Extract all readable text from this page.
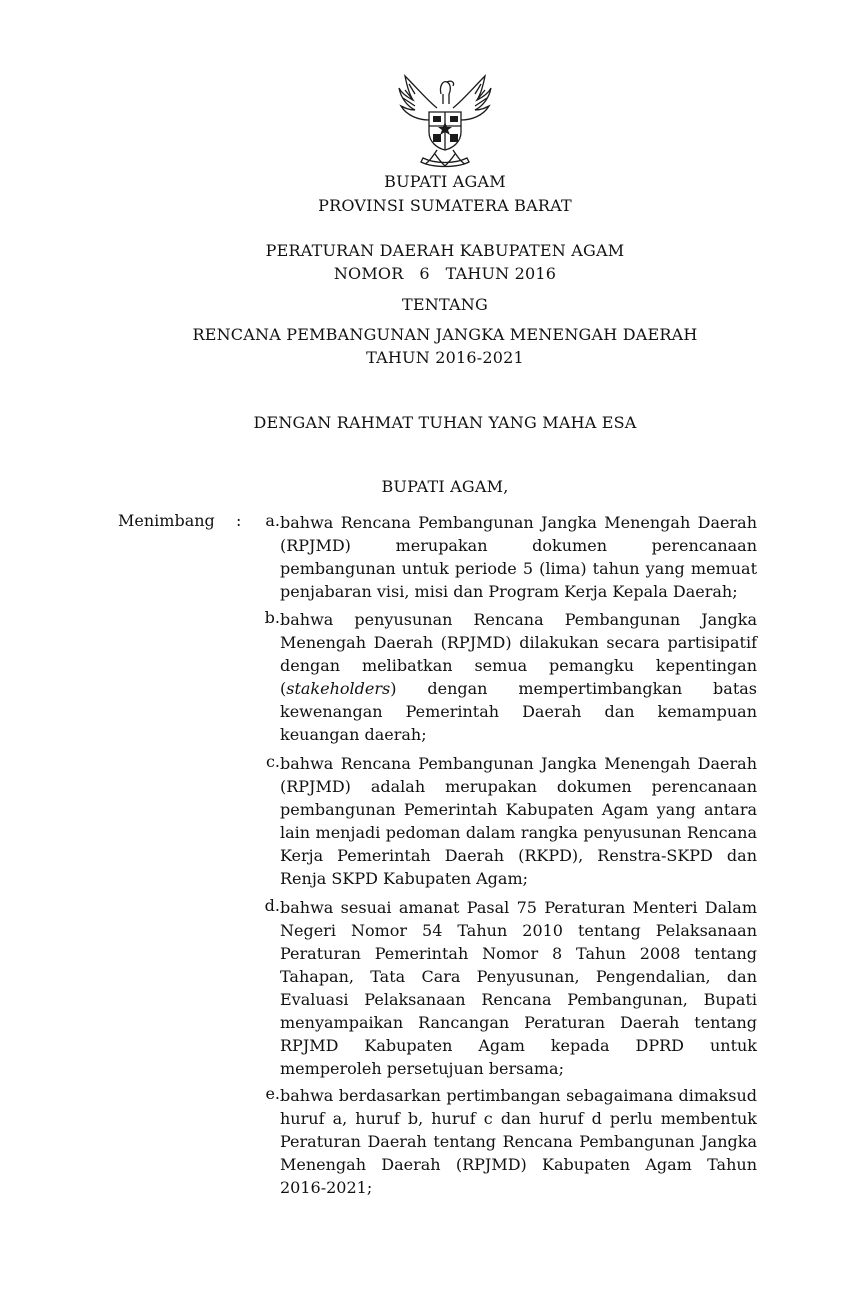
BUPATI AGAM
PROVINSI SUMATERA BARAT
PERATURAN DAERAH KABUPATEN AGAM
NOMOR   6   TAHUN 2016
TENTANG
RENCANA PEMBANGUNAN JANGKA MENENGAH DAERAH
TAHUN 2016-2021
DENGAN RAHMAT TUHAN YANG MAHA ESA
BUPATI AGAM,
Menimbang :	a. bahwa Rencana Pembangunan Jangka Menengah Daerah (RPJMD) merupakan dokumen perencanaan pembangunan untuk periode 5 (lima) tahun yang memuat penjabaran visi, misi dan Program Kerja Kepala Daerah;
b. bahwa penyusunan Rencana Pembangunan Jangka Menengah Daerah (RPJMD) dilakukan secara partisipatif dengan melibatkan semua pemangku kepentingan (stakeholders) dengan mempertimbangkan batas kewenangan Pemerintah Daerah dan kemampuan keuangan daerah;
c. bahwa Rencana Pembangunan Jangka Menengah Daerah (RPJMD) adalah merupakan dokumen perencanaan pembangunan Pemerintah Kabupaten Agam yang antara lain menjadi pedoman dalam rangka penyusunan Rencana Kerja Pemerintah Daerah (RKPD), Renstra-SKPD dan Renja SKPD Kabupaten Agam;
d. bahwa sesuai amanat Pasal 75 Peraturan Menteri Dalam Negeri Nomor 54 Tahun 2010 tentang Pelaksanaan Peraturan Pemerintah Nomor 8 Tahun 2008 tentang Tahapan, Tata Cara Penyusunan, Pengendalian, dan Evaluasi Pelaksanaan Rencana Pembangunan, Bupati menyampaikan Rancangan Peraturan Daerah tentang RPJMD Kabupaten Agam kepada DPRD untuk memperoleh persetujuan bersama;
e. bahwa berdasarkan pertimbangan sebagaimana dimaksud huruf a, huruf b, huruf c dan huruf d perlu membentuk Peraturan Daerah tentang Rencana Pembangunan Jangka Menengah Daerah (RPJMD) Kabupaten Agam Tahun 2016-2021;
